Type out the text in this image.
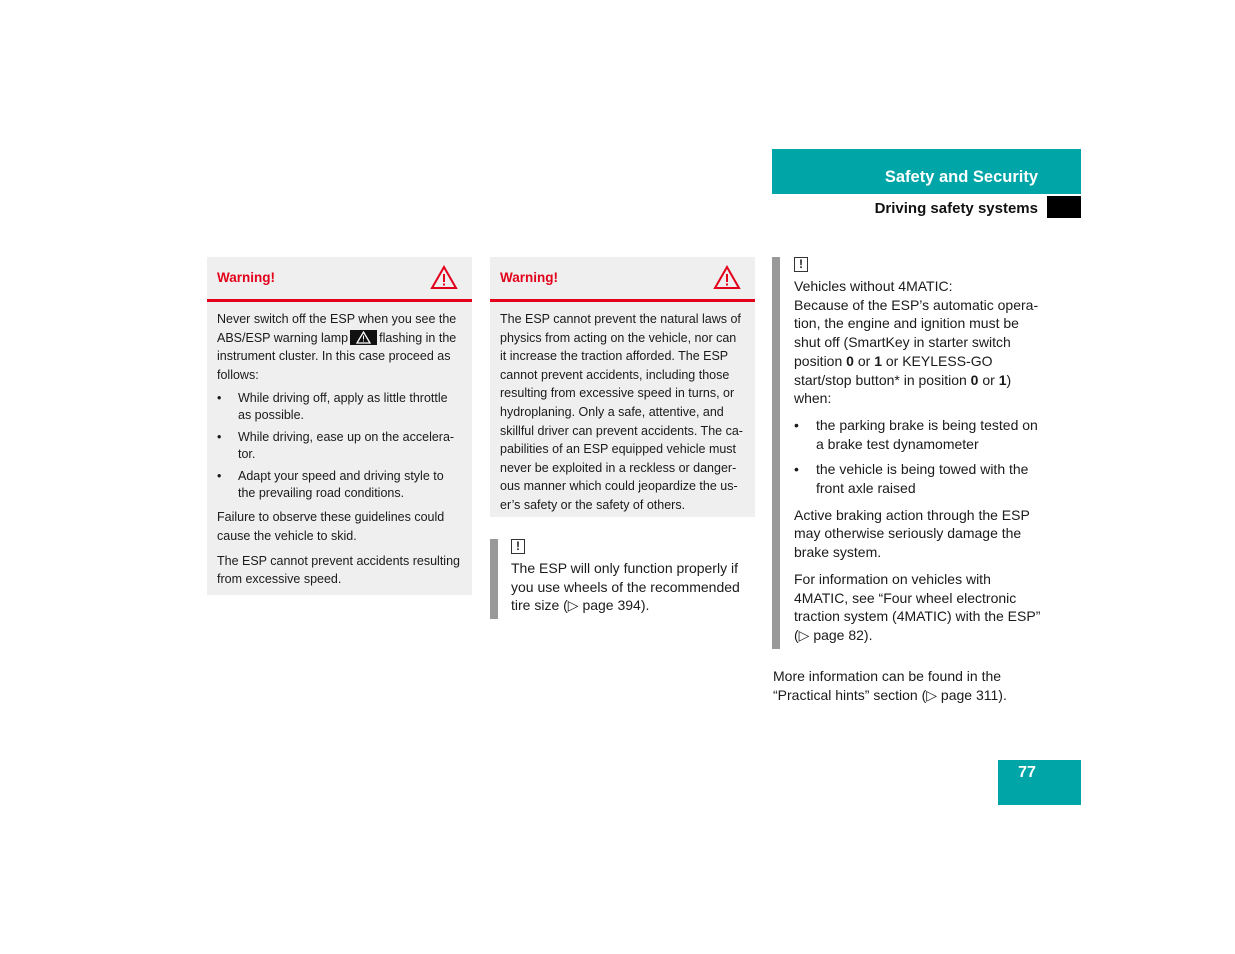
Safety and Security
Driving safety systems
Warning!

Never switch off the ESP when you see the ABS/ESP warning lamp flashing in the instrument cluster. In this case proceed as follows:

• While driving off, apply as little throttle as possible.
• While driving, ease up on the accelera-tor.
• Adapt your speed and driving style to the prevailing road conditions.

Failure to observe these guidelines could cause the vehicle to skid.

The ESP cannot prevent accidents resulting from excessive speed.

Warning!

The ESP cannot prevent the natural laws of physics from acting on the vehicle, nor can it increase the traction afforded. The ESP cannot prevent accidents, including those resulting from excessive speed in turns, or hydroplaning. Only a safe, attentive, and skillful driver can prevent accidents. The ca-pabilities of an ESP equipped vehicle must never be exploited in a reckless or danger-ous manner which could jeopardize the us-er’s safety or the safety of others.

!

The ESP will only function properly if you use wheels of the recommended tire size (▷ page 394).

!

Vehicles without 4MATIC:

Because of the ESP’s automatic opera-tion, the engine and ignition must be shut off (SmartKey in starter switch position 0 or 1 or KEYLESS-GO start/stop button* in position 0 or 1) when:

• the parking brake is being tested on a brake test dynamometer
• the vehicle is being towed with the front axle raised

Active braking action through the ESP may otherwise seriously damage the brake system.

For information on vehicles with 4MATIC, see “Four wheel electronic traction system (4MATIC) with the ESP” (▷ page 82).

More information can be found in the “Practical hints” section (▷ page 311).
77
